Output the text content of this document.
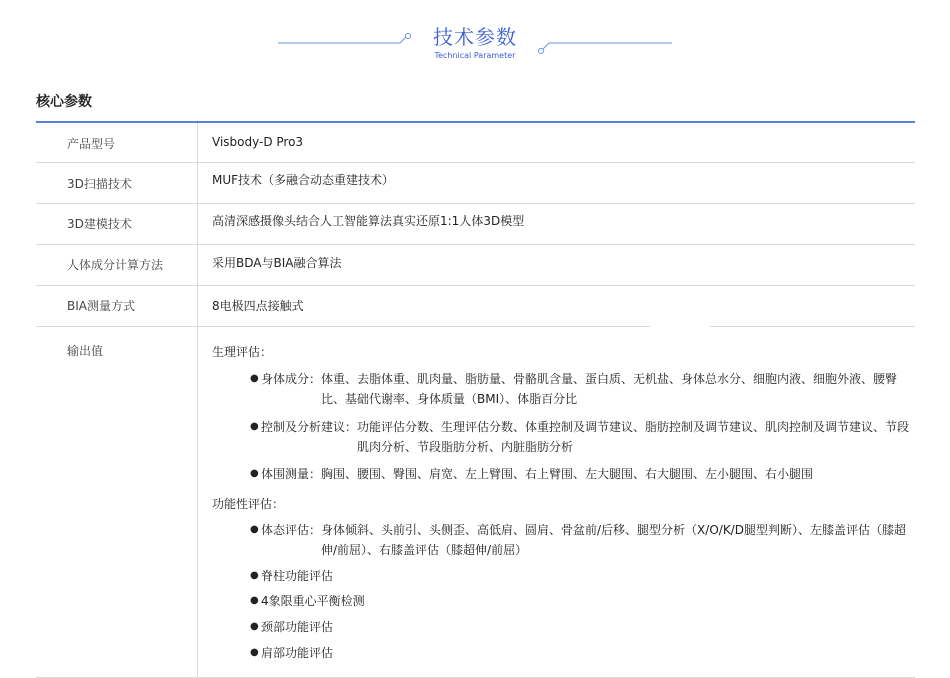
技术参数
Technical Parameter
核心参数
产品型号	Visbody-D Pro3
3D扫描技术	MUF技术（多融合动态重建技术）
3D建模技术	高清深感摄像头结合人工智能算法真实还原1:1人体3D模型
人体成分计算方法	采用BDA与BIA融合算法
BIA测量方式	8电极四点接触式
输出值	生理评估：
● 身体成分： 体重、去脂体重、肌肉量、脂肪量、骨骼肌含量、蛋白质、无机盐、身体总水分、细胞内液、细胞外液、腰臀比、基础代谢率、身体质量（BMI）、体脂百分比
● 控制及分析建议： 功能评估分数、生理评估分数、体重控制及调节建议、脂肪控制及调节建议、肌肉控制及调节建议、节段肌肉分析、节段脂肪分析、内脏脂肪分析
● 体围测量： 胸围、腰围、臀围、肩宽、左上臂围、右上臂围、左大腿围、右大腿围、左小腿围、右小腿围
功能性评估：
● 体态评估： 身体倾斜、头前引、头侧歪、高低肩、圆肩、骨盆前/后移、腿型分析（X/O/K/D腿型判断）、左膝盖评估（膝超伸/前屈）、右膝盖评估（膝超伸/前屈）
● 脊柱功能评估
● 4象限重心平衡检测
● 颈部功能评估
● 肩部功能评估
